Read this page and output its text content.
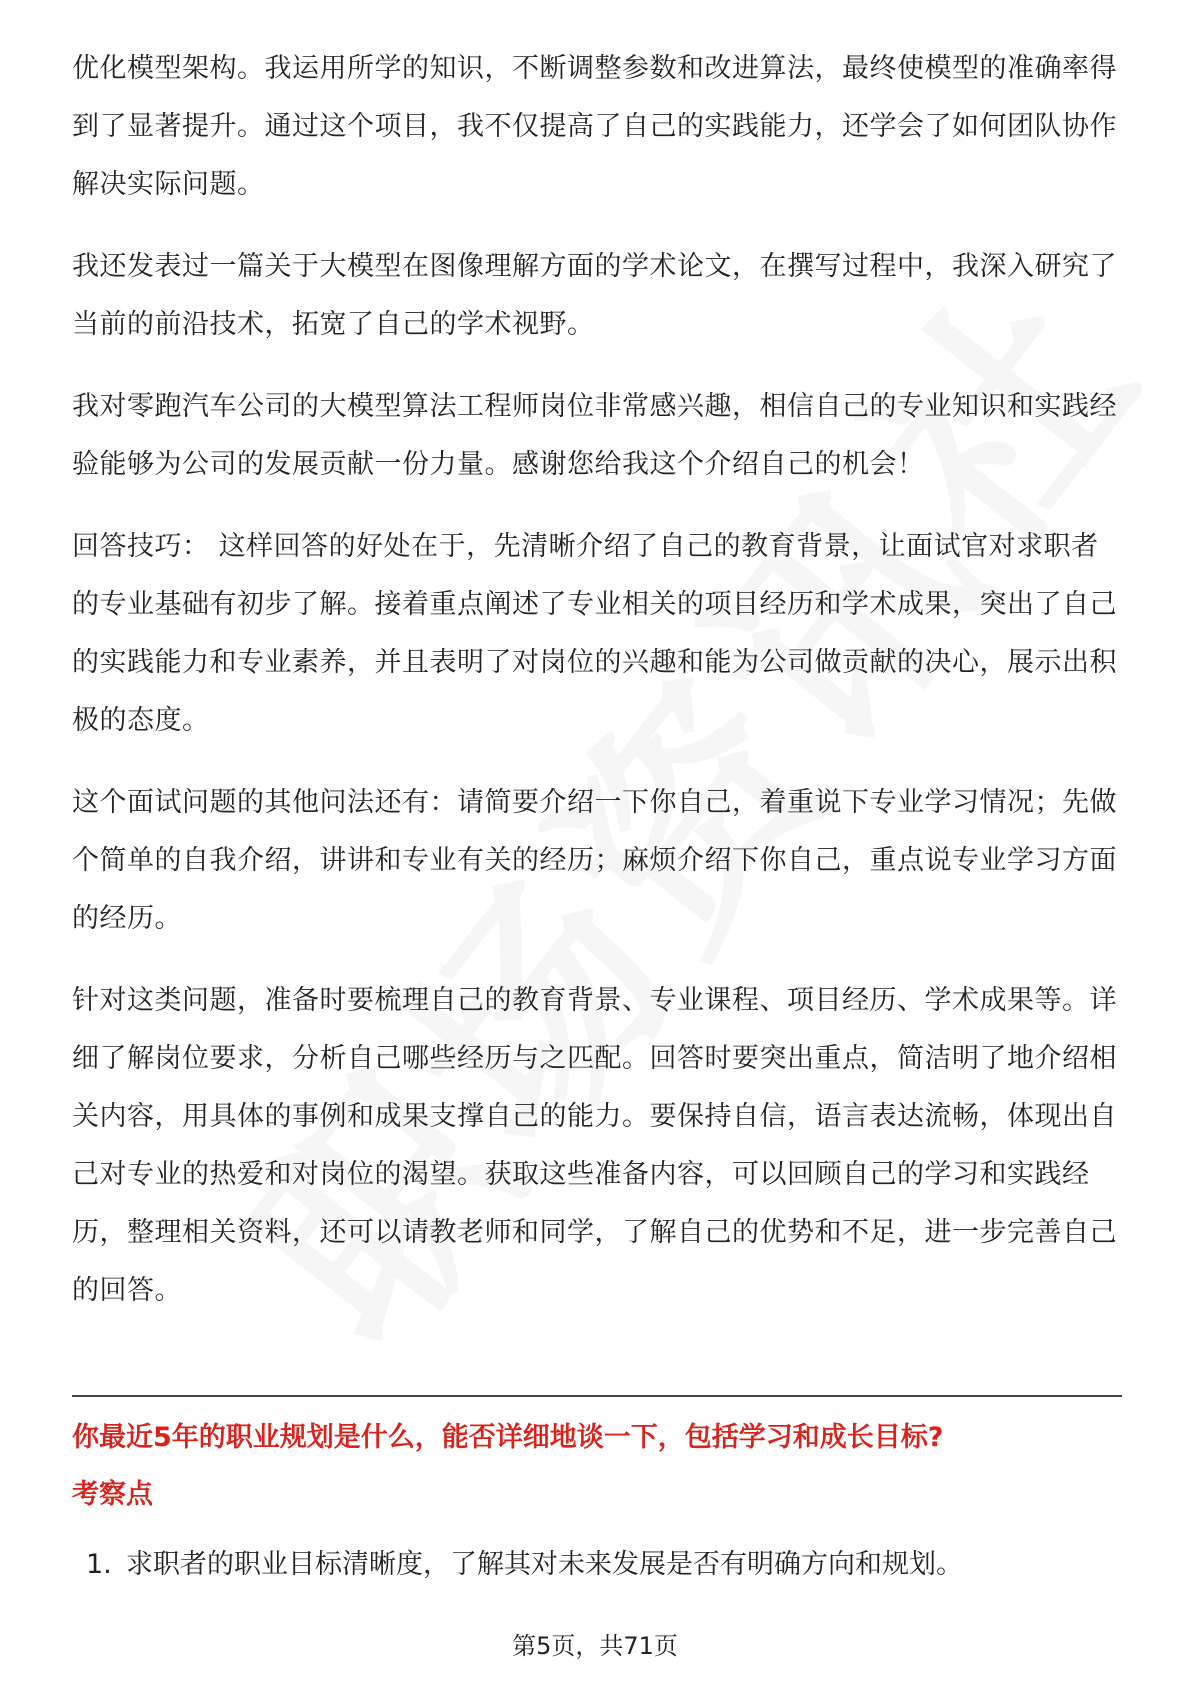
优化模型架构。我运用所学的知识，不断调整参数和改进算法，最终使模型的准确率得到了显著提升。通过这个项目，我不仅提高了自己的实践能力，还学会了如何团队协作解决实际问题。

我还发表过一篇关于大模型在图像理解方面的学术论文，在撰写过程中，我深入研究了当前的前沿技术，拓宽了自己的学术视野。

我对零跑汽车公司的大模型算法工程师岗位非常感兴趣，相信自己的专业知识和实践经验能够为公司的发展贡献一份力量。感谢您给我这个介绍自己的机会！

回答技巧： 这样回答的好处在于，先清晰介绍了自己的教育背景，让面试官对求职者的专业基础有初步了解。接着重点阐述了专业相关的项目经历和学术成果，突出了自己的实践能力和专业素养，并且表明了对岗位的兴趣和能为公司做贡献的决心，展示出积极的态度。

这个面试问题的其他问法还有：请简要介绍一下你自己，着重说下专业学习情况；先做个简单的自我介绍，讲讲和专业有关的经历；麻烦介绍下你自己，重点说专业学习方面的经历。

针对这类问题，准备时要梳理自己的教育背景、专业课程、项目经历、学术成果等。详细了解岗位要求，分析自己哪些经历与之匹配。回答时要突出重点，简洁明了地介绍相关内容，用具体的事例和成果支撑自己的能力。要保持自信，语言表达流畅，体现出自己对专业的热爱和对岗位的渴望。获取这些准备内容，可以回顾自己的学习和实践经历，整理相关资料，还可以请教老师和同学，了解自己的优势和不足，进一步完善自己的回答。

你最近5年的职业规划是什么，能否详细地谈一下，包括学习和成长目标?
考察点
1. 求职者的职业目标清晰度，了解其对未来发展是否有明确方向和规划。
第5页，共71页
